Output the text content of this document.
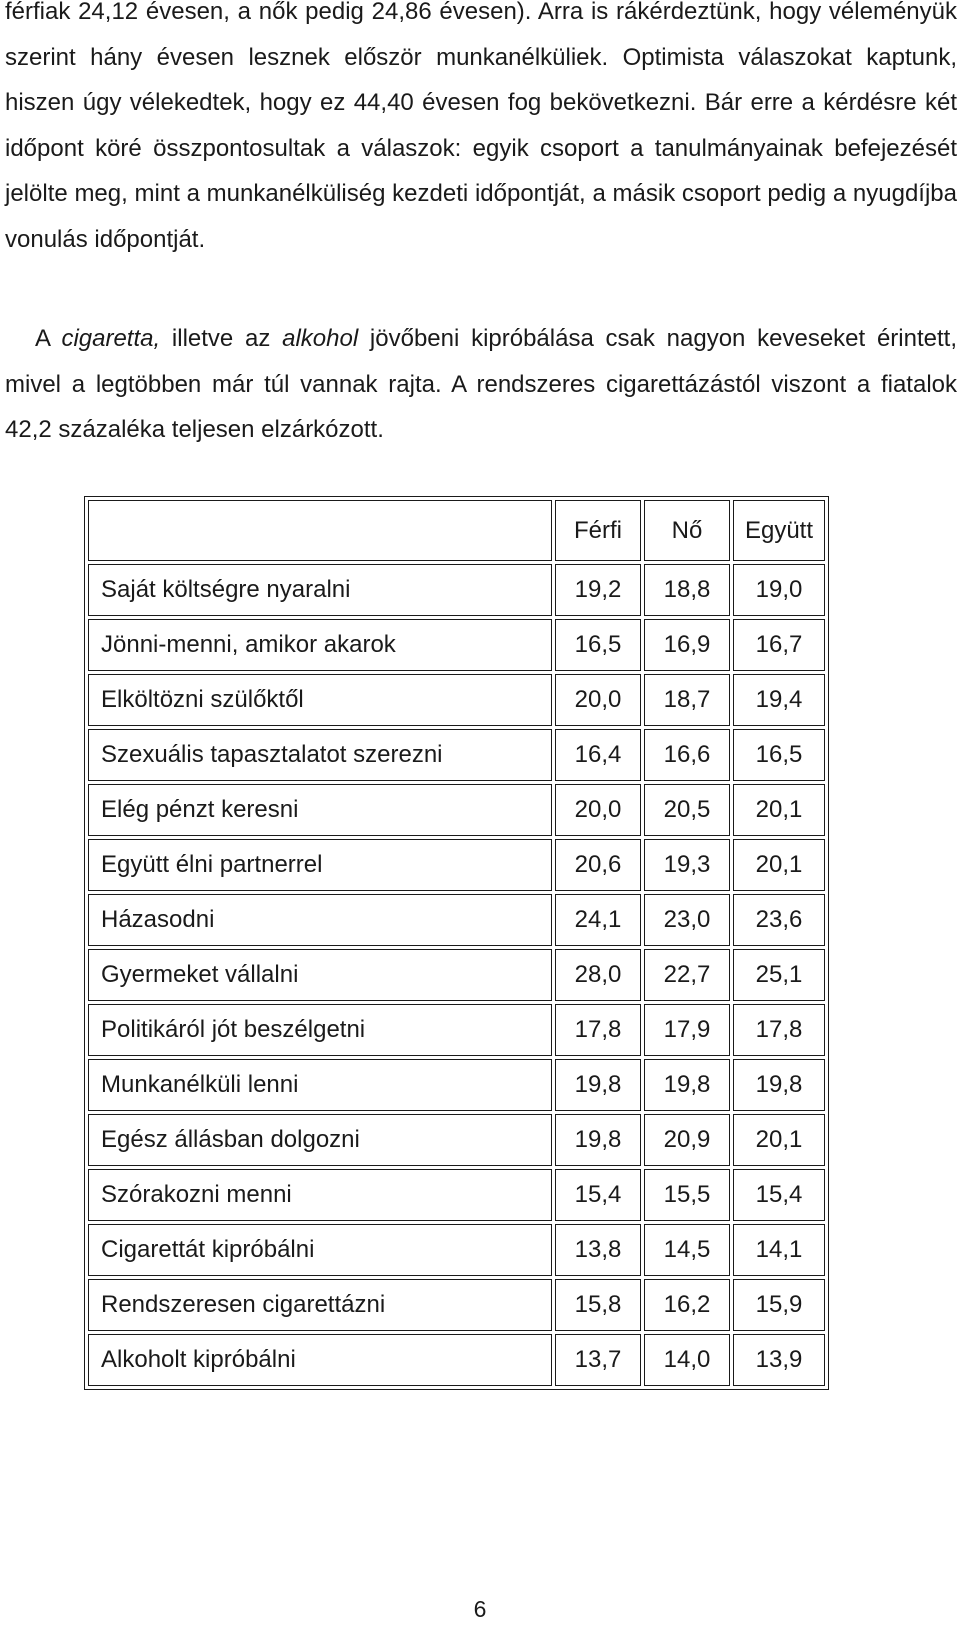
férfiak 24,12 évesen, a nők pedig 24,86 évesen). Arra is rákérdeztünk, hogy véleményük szerint hány évesen lesznek először munkanélküliek. Optimista válaszokat kaptunk, hiszen úgy vélekedtek, hogy ez 44,40 évesen fog bekövetkezni. Bár erre a kérdésre két időpont köré összpontosultak a válaszok: egyik csoport a tanulmányainak befejezését jelölte meg, mint a munkanélküliség kezdeti időpontját, a másik csoport pedig a nyugdíjba vonulás időpontját.

A cigaretta, illetve az alkohol jövőbeni kipróbálása csak nagyon keveseket érintett, mivel a legtöbben már túl vannak rajta. A rendszeres cigarettázástól viszont a fiatalok 42,2 százaléka teljesen elzárkózott.

	Férfi	Nő	Együtt
Saját költségre nyaralni	19,2	18,8	19,0
Jönni-menni, amikor akarok	16,5	16,9	16,7
Elköltözni szülőktől	20,0	18,7	19,4
Szexuális tapasztalatot szerezni	16,4	16,6	16,5
Elég pénzt keresni	20,0	20,5	20,1
Együtt élni partnerrel	20,6	19,3	20,1
Házasodni	24,1	23,0	23,6
Gyermeket vállalni	28,0	22,7	25,1
Politikáról jót beszélgetni	17,8	17,9	17,8
Munkanélküli lenni	19,8	19,8	19,8
Egész állásban dolgozni	19,8	20,9	20,1
Szórakozni menni	15,4	15,5	15,4
Cigarettát kipróbálni	13,8	14,5	14,1
Rendszeresen cigarettázni	15,8	16,2	15,9
Alkoholt kipróbálni	13,7	14,0	13,9
6
